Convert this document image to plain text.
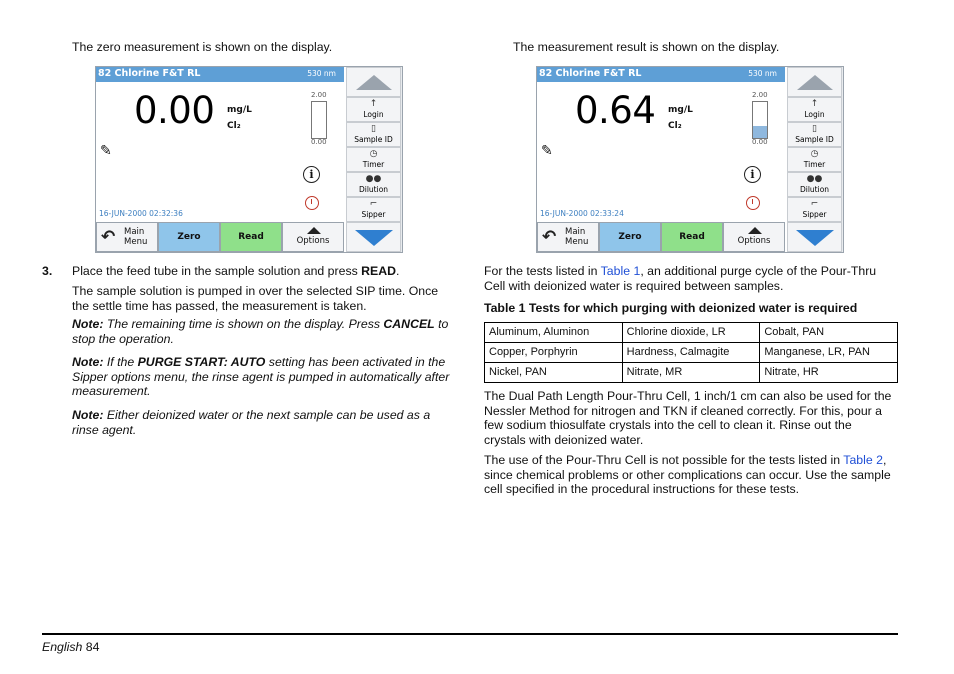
The zero measurement is shown on the display.

82 Chlorine F&T RL	530 nm
0.00 mg/L
Cl₂
2.00
0.00
✎
i
16-JUN-2000 02:32:36
↑
Login
▯
Sample ID
◷
Timer
●●
Dilution
⌐
Sipper
↶ Main
Menu	Zero	Read	Options

3. Place the feed tube in the sample solution and press READ.

The sample solution is pumped in over the selected SIP time. Once the settle time has passed, the measurement is taken.

Note: The remaining time is shown on the display. Press CANCEL to stop the operation.

Note: If the PURGE START: AUTO setting has been activated in the Sipper options menu, the rinse agent is pumped in automatically after measurement.

Note: Either deionized water or the next sample can be used as a rinse agent.

The measurement result is shown on the display.

82 Chlorine F&T RL	530 nm
0.64 mg/L
Cl₂
2.00
0.00
✎
i
16-JUN-2000 02:33:24
↑
Login
▯
Sample ID
◷
Timer
●●
Dilution
⌐
Sipper
↶ Main
Menu	Zero	Read	Options

For the tests listed in Table 1, an additional purge cycle of the Pour-Thru Cell with deionized water is required between samples.

Table 1 Tests for which purging with deionized water is required

Aluminum, Aluminon	Chlorine dioxide, LR	Cobalt, PAN
Copper, Porphyrin	Hardness, Calmagite	Manganese, LR, PAN
Nickel, PAN	Nitrate, MR	Nitrate, HR

The Dual Path Length Pour-Thru Cell, 1 inch/1 cm can also be used for the Nessler Method for nitrogen and TKN if cleaned correctly. For this, pour a few sodium thiosulfate crystals into the cell to clean it. Rinse out the crystals with deionized water.

The use of the Pour-Thru Cell is not possible for the tests listed in Table 2, since chemical problems or other complications can occur. Use the sample cell specified in the procedural instructions for these tests.

English 84
